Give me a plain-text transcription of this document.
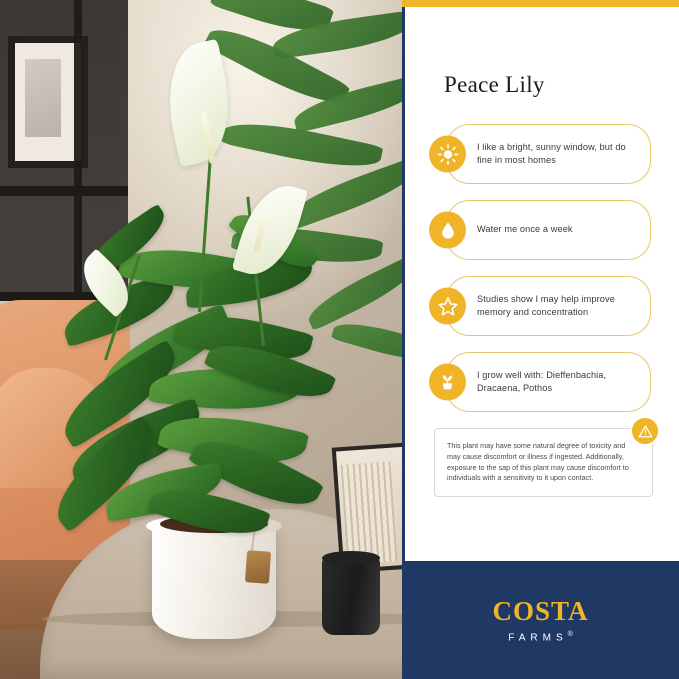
Peace Lily
I like a bright, sunny window, but do fine in most homes
Water me once a week
Studies show I may help improve memory and concentration
I grow well with: Dieffenbachia, Dracaena, Pothos
This plant may have some natural degree of toxicity and may cause discomfort or illness if ingested. Additionally, exposure to the sap of this plant may cause discomfort to individuals with a sensitivity to it upon contact.
COSTA
FARMS®
